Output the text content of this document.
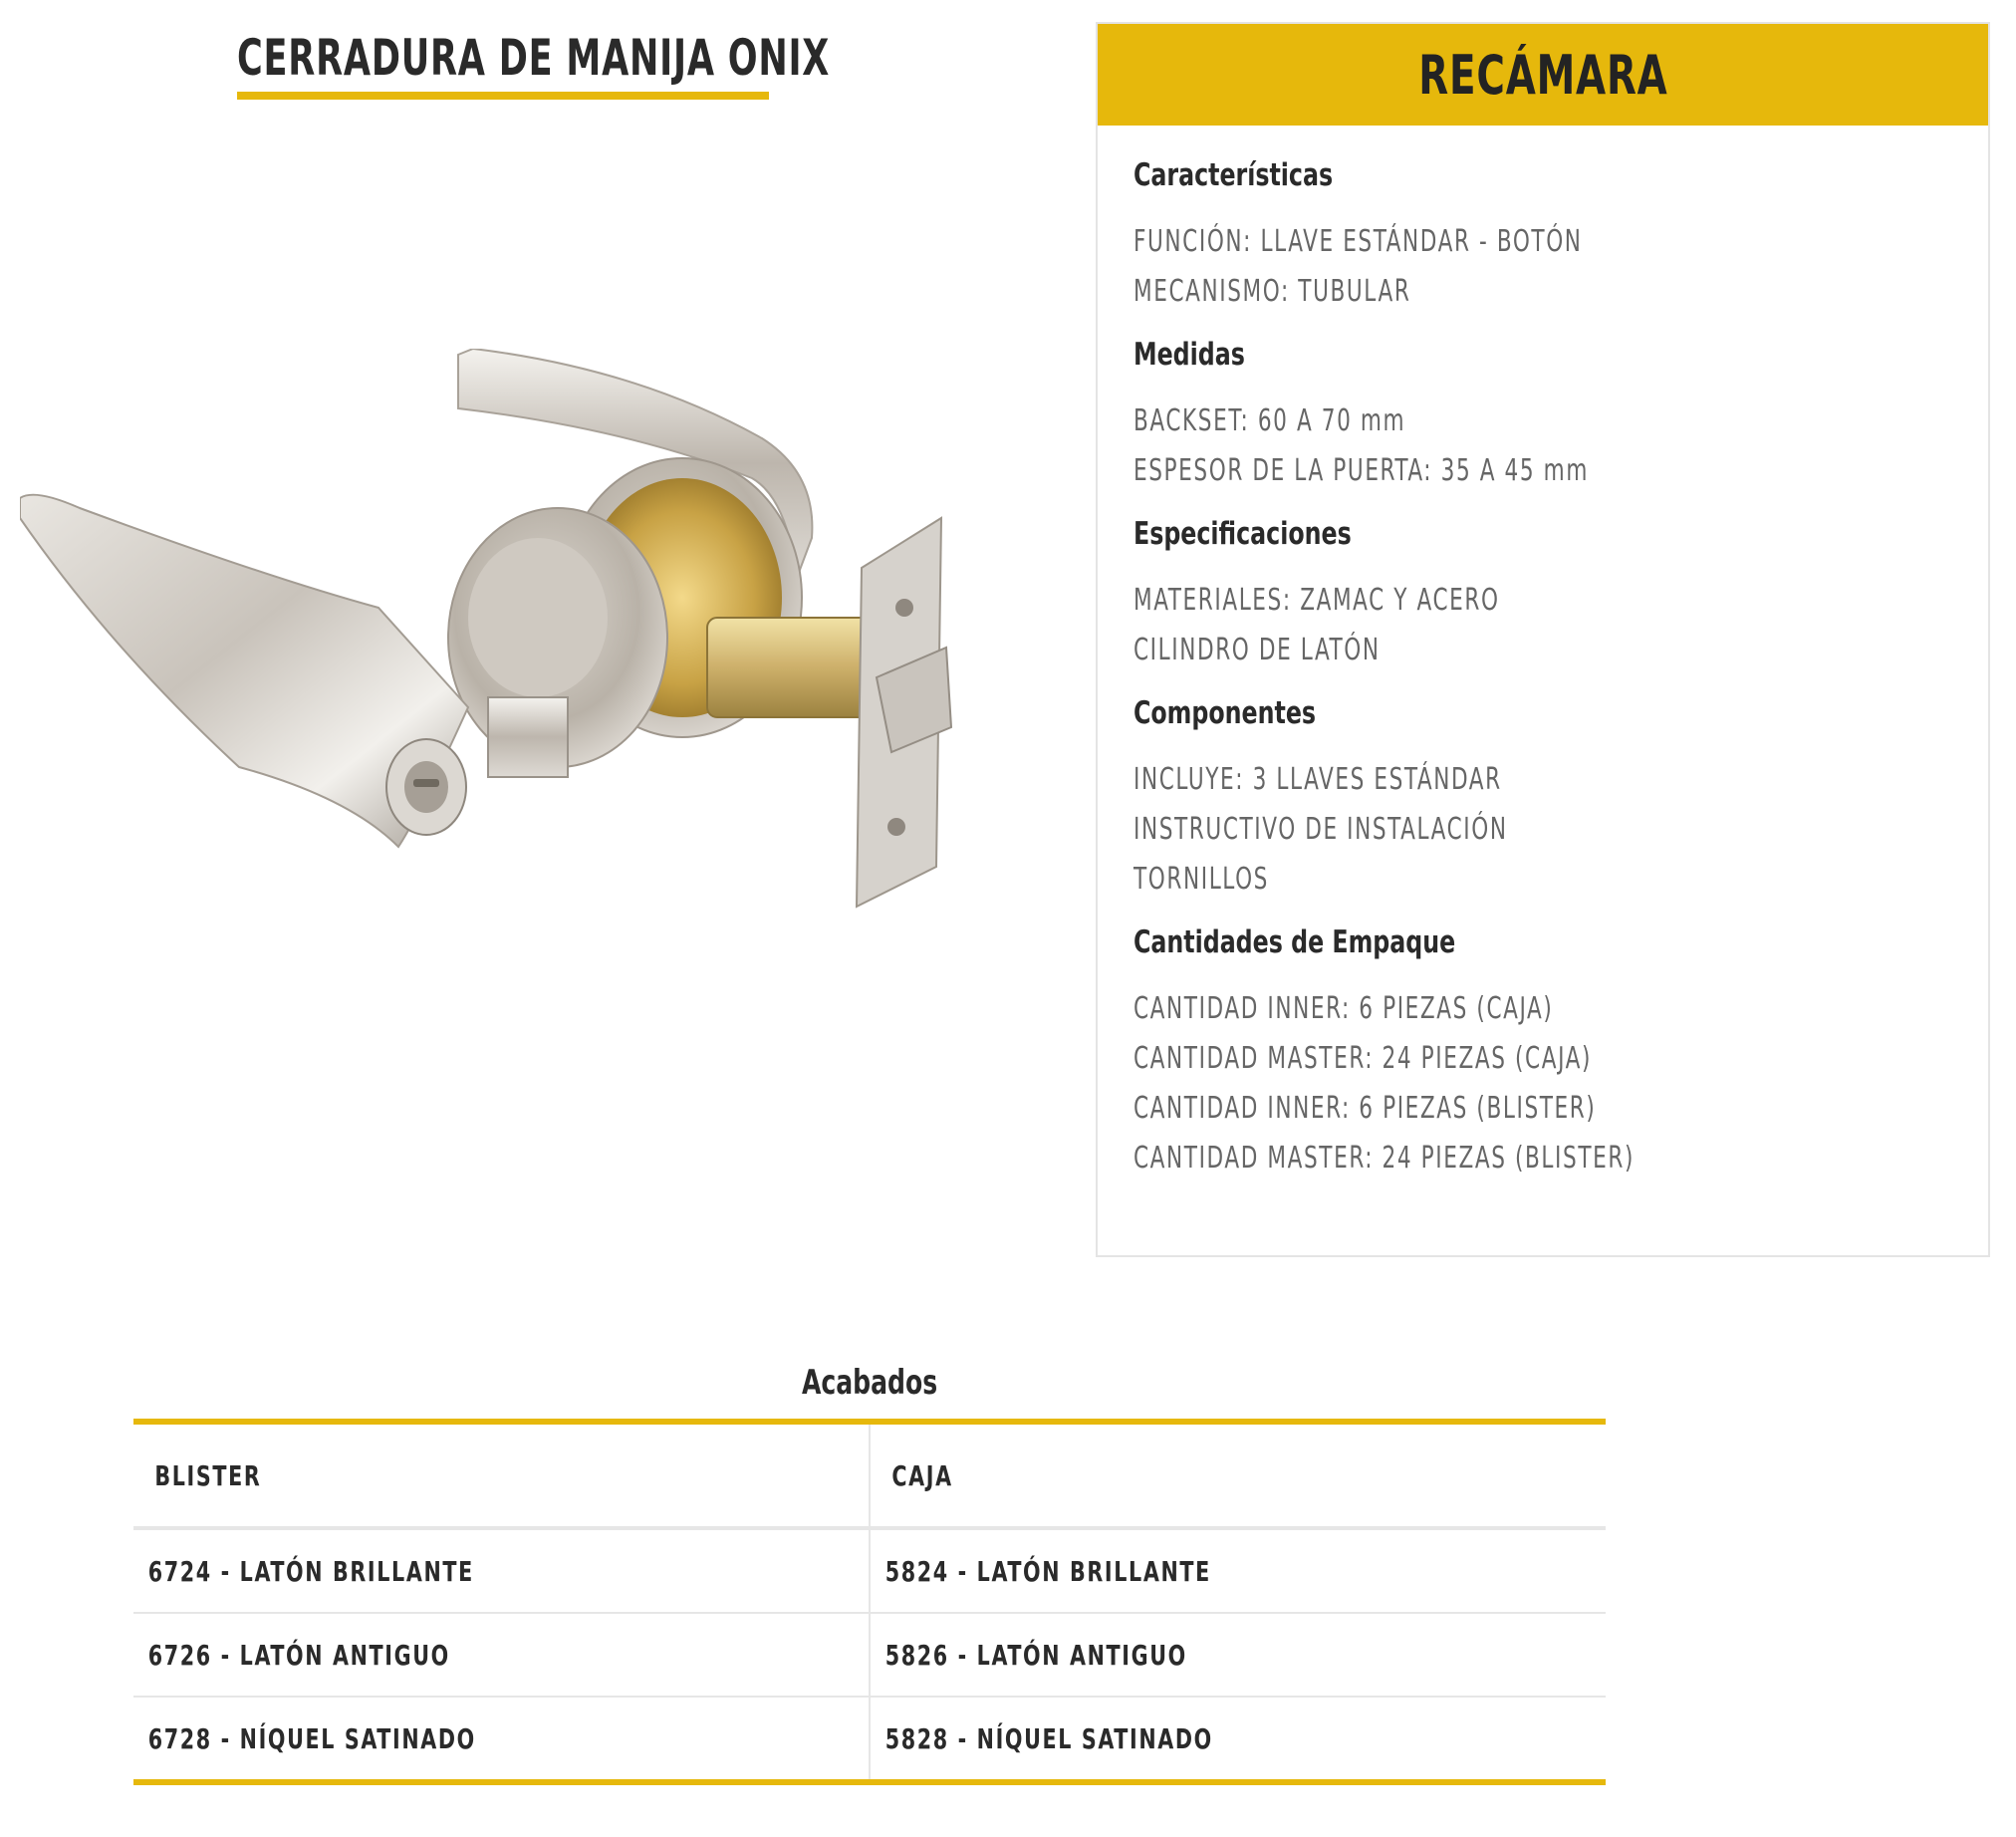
CERRADURA DE MANIJA ONIX	RECÁMARA
Características
FUNCIÓN: LLAVE ESTÁNDAR - BOTÓN
MECANISMO: TUBULAR
Medidas
BACKSET: 60 A 70 mm
ESPESOR DE LA PUERTA: 35 A 45 mm
Especificaciones
MATERIALES: ZAMAC Y ACERO
CILINDRO DE LATÓN
Componentes
INCLUYE: 3 LLAVES ESTÁNDAR
INSTRUCTIVO DE INSTALACIÓN
TORNILLOS
Cantidades de Empaque
CANTIDAD INNER: 6 PIEZAS (CAJA)
CANTIDAD MASTER: 24 PIEZAS (CAJA)
CANTIDAD INNER: 6 PIEZAS (BLISTER)
CANTIDAD MASTER: 24 PIEZAS (BLISTER)
Acabados
BLISTER	CAJA
6724 - LATÓN BRILLANTE	5824 - LATÓN BRILLANTE
6726 - LATÓN ANTIGUO	5826 - LATÓN ANTIGUO
6728 - NÍQUEL SATINADO	5828 - NÍQUEL SATINADO
